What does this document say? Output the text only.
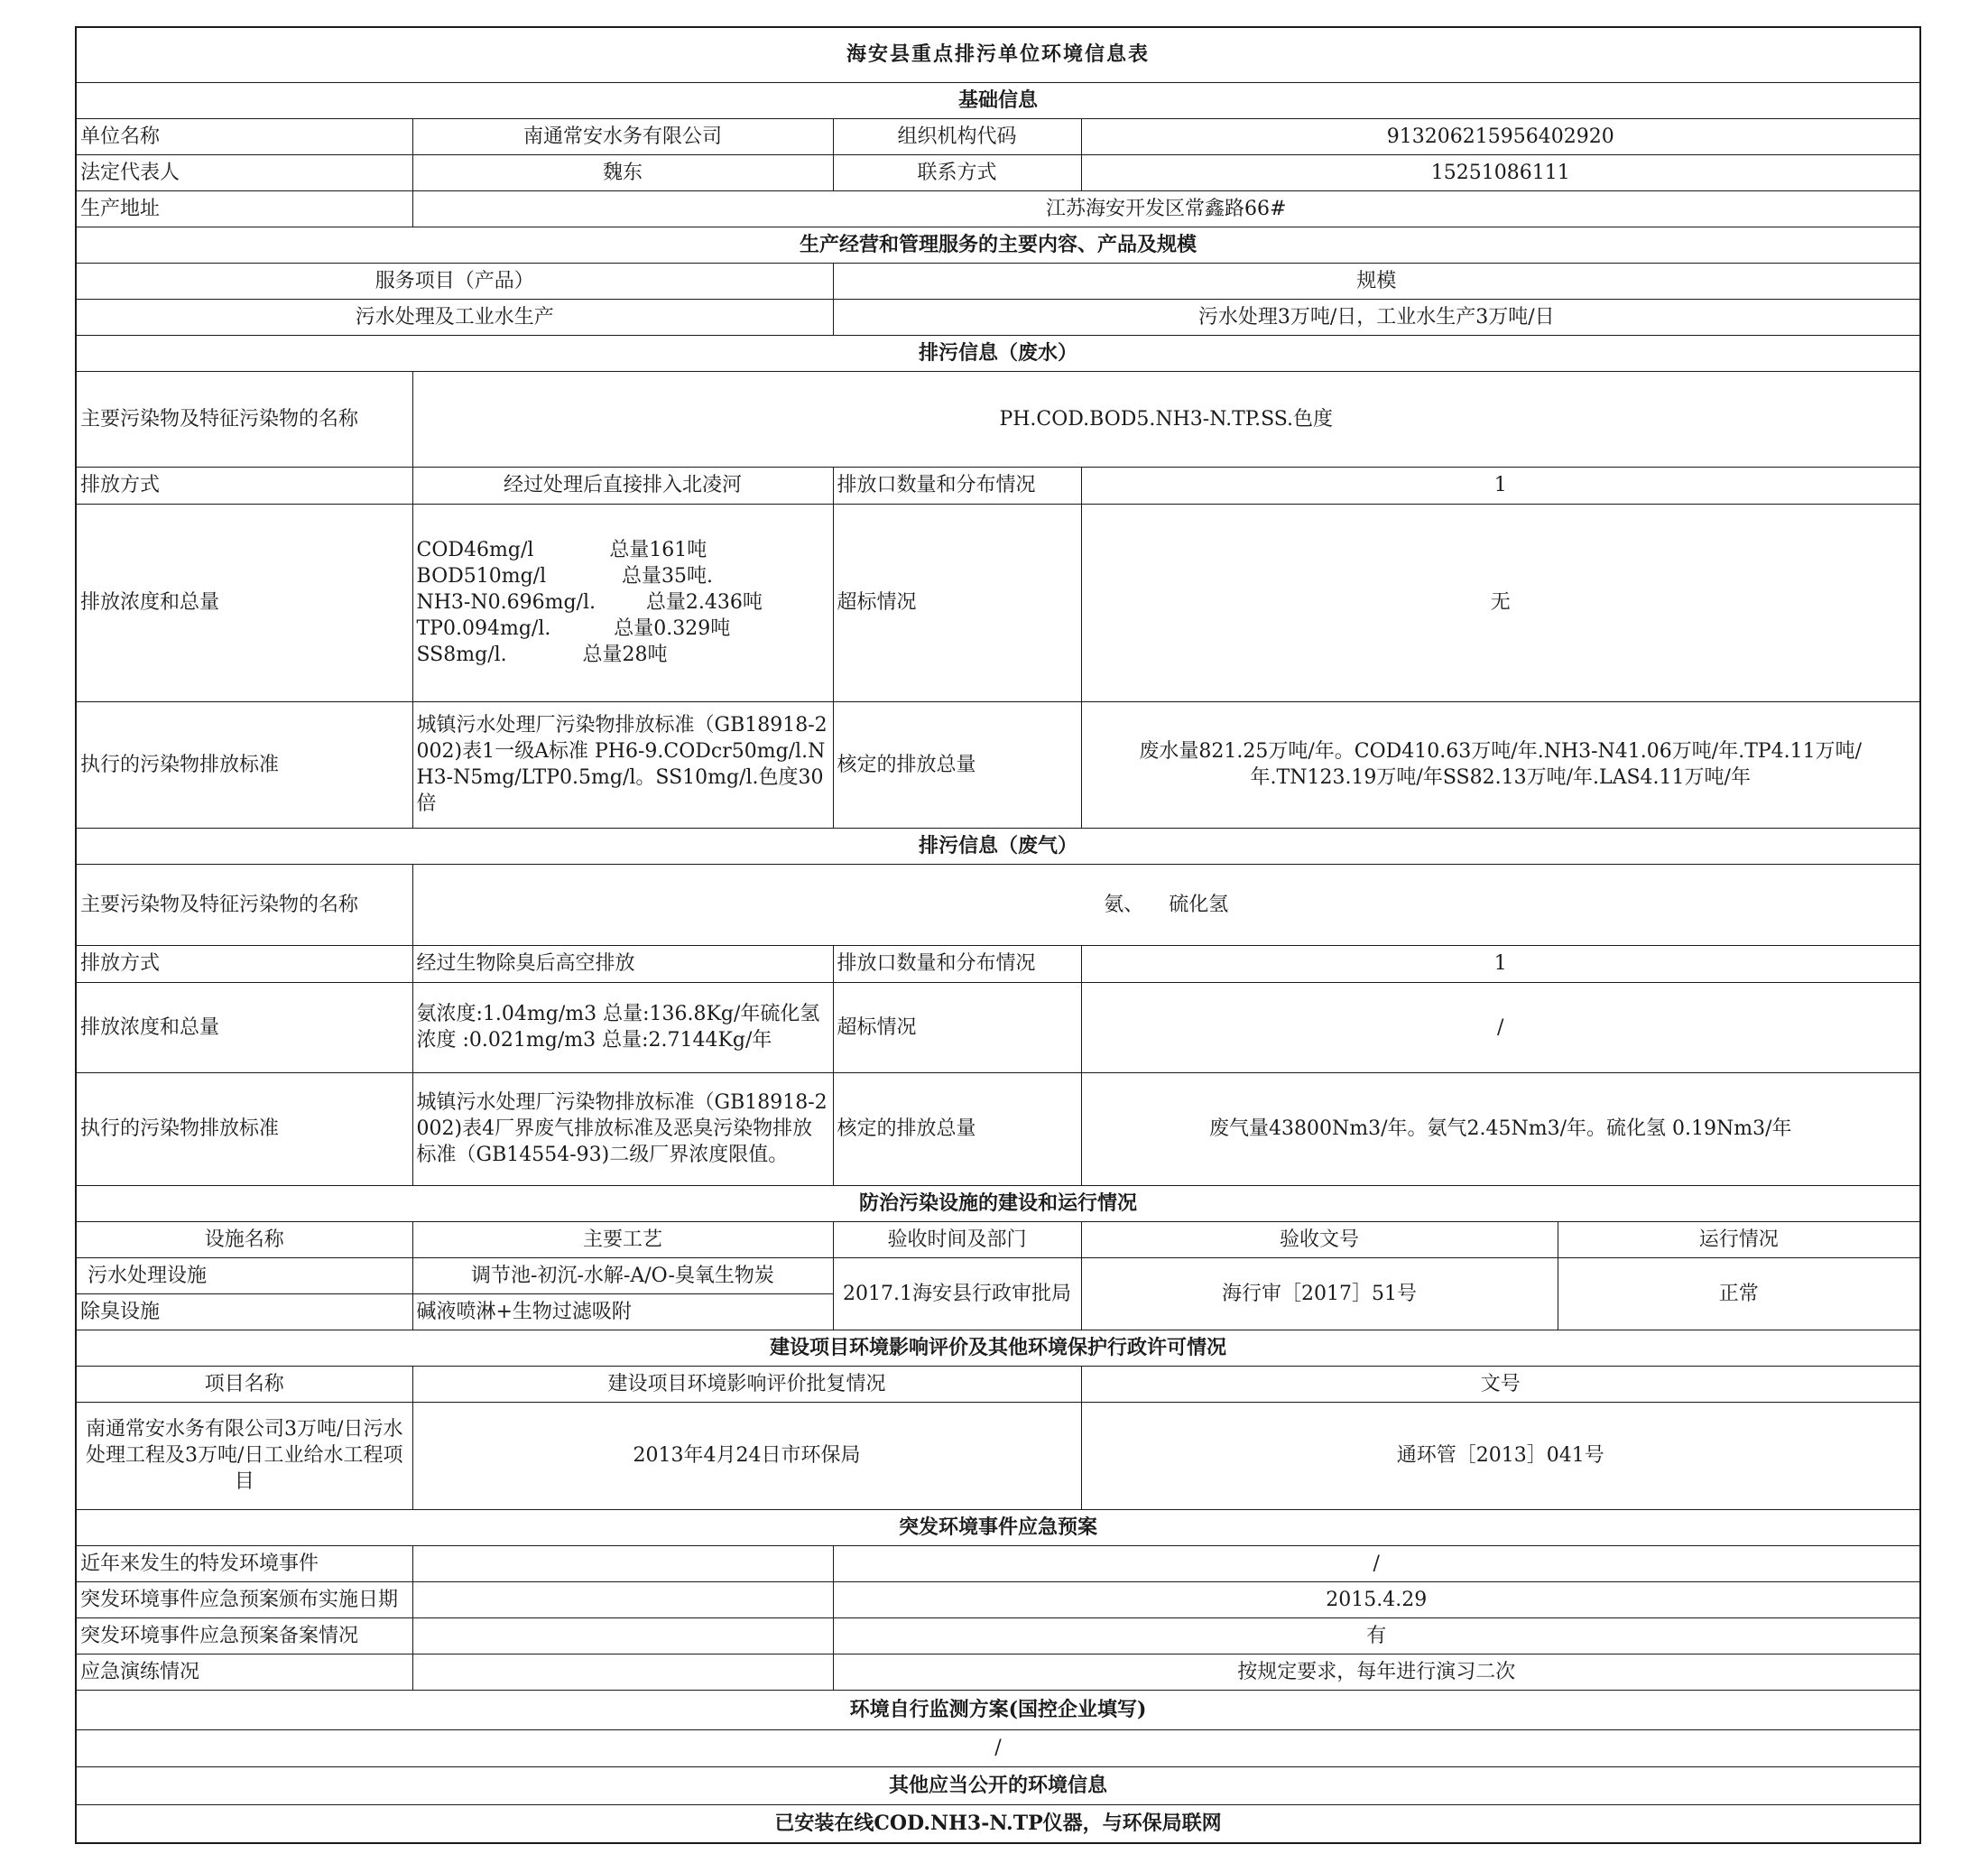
海安县重点排污单位环境信息表				
基础信息				
单位名称	南通常安水务有限公司	组织机构代码	913206215956402920	
法定代表人	魏东	联系方式	15251086111	
生产地址	江苏海安开发区常鑫路66#			
生产经营和管理服务的主要内容、产品及规模				
服务项目（产品）		规模		
污水处理及工业水生产		污水处理3万吨/日，工业水生产3万吨/日		
排污信息（废水）				
主要污染物及特征污染物的名称	PH.COD.BOD5.NH3-N.TP.SS.色度			
排放方式	经过处理后直接排入北凌河	排放口数量和分布情况	1	
排放浓度和总量	COD46mg/l            总量161吨
BOD510mg/l            总量35吨.
NH3-N0.696mg/l.        总量2.436吨
TP0.094mg/l.          总量0.329吨
SS8mg/l.            总量28吨	超标情况	无	
执行的污染物排放标准	城镇污水处理厂污染物排放标准（GB18918-2002)表1一级A标准 PH6-9.CODcr50mg/l.NH3-N5mg/LTP0.5mg/l。SS10mg/l.色度30倍	核定的排放总量	废水量821.25万吨/年。COD410.63万吨/年.NH3-N41.06万吨/年.TP4.11万吨/年.TN123.19万吨/年SS82.13万吨/年.LAS4.11万吨/年	
排污信息（废气）				
主要污染物及特征污染物的名称	氨、    硫化氢			
排放方式	经过生物除臭后高空排放	排放口数量和分布情况	1	
排放浓度和总量	氨浓度:1.04mg/m3 总量:136.8Kg/年硫化氢浓度 :0.021mg/m3 总量:2.7144Kg/年	超标情况	/	
执行的污染物排放标准	城镇污水处理厂污染物排放标准（GB18918-2002)表4厂界废气排放标准及恶臭污染物排放标准（GB14554-93)二级厂界浓度限值。	核定的排放总量	废气量43800Nm3/年。氨气2.45Nm3/年。硫化氢 0.19Nm3/年	
防治污染设施的建设和运行情况				
设施名称	主要工艺	验收时间及部门	验收文号	运行情况
污水处理设施	调节池-初沉-水解-A/O-臭氧生物炭	2017.1海安县行政审批局	海行审［2017］51号	正常
除臭设施	碱液喷淋+生物过滤吸附			
建设项目环境影响评价及其他环境保护行政许可情况				
项目名称	建设项目环境影响评价批复情况		文号	
南通常安水务有限公司3万吨/日污水处理工程及3万吨/日工业给水工程项目	2013年4月24日市环保局		通环管［2013］041号	
突发环境事件应急预案				
近年来发生的特发环境事件		/		
突发环境事件应急预案颁布实施日期		2015.4.29		
突发环境事件应急预案备案情况		有		
应急演练情况		按规定要求，每年进行演习二次		
环境自行监测方案(国控企业填写)				
/				
其他应当公开的环境信息				
已安装在线COD.NH3-N.TP仪器，与环保局联网				
